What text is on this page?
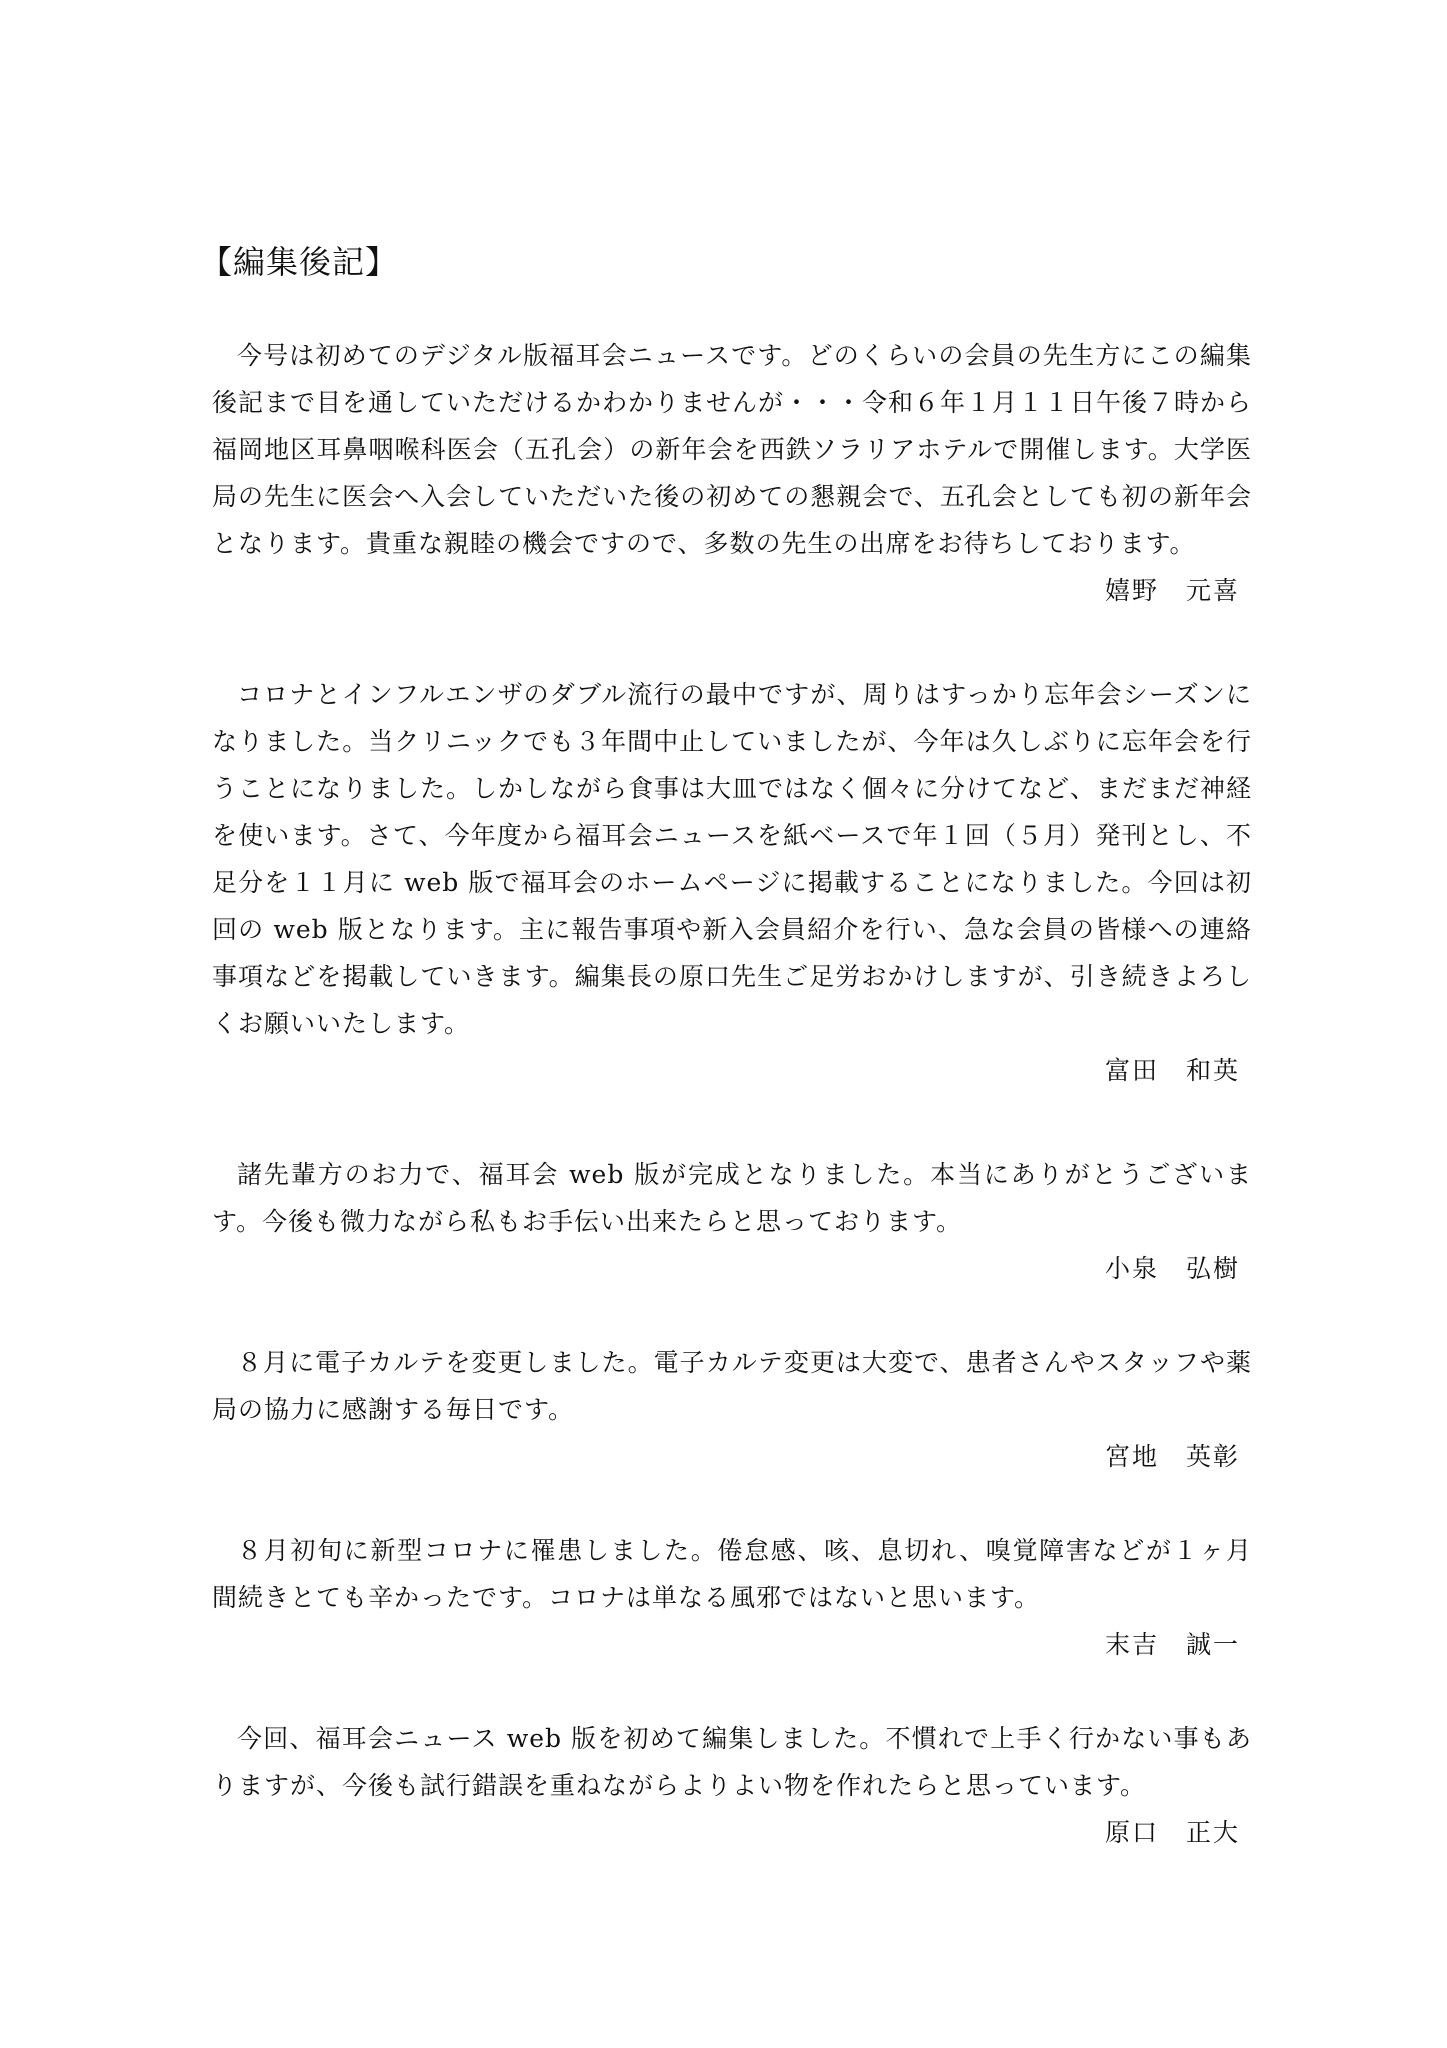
【編集後記】

今号は初めてのデジタル版福耳会ニュースです。どのくらいの会員の先生方にこの編集後記まで目を通していただけるかわかりませんが・・・令和６年１月１１日午後７時から福岡地区耳鼻咽喉科医会（五孔会）の新年会を西鉄ソラリアホテルで開催します。大学医局の先生に医会へ入会していただいた後の初めての懇親会で、五孔会としても初の新年会となります。貴重な親睦の機会ですので、多数の先生の出席をお待ちしております。

嬉野　元喜

コロナとインフルエンザのダブル流行の最中ですが、周りはすっかり忘年会シーズンになりました。当クリニックでも３年間中止していましたが、今年は久しぶりに忘年会を行うことになりました。しかしながら食事は大皿ではなく個々に分けてなど、まだまだ神経を使います。さて、今年度から福耳会ニュースを紙ベースで年１回（５月）発刊とし、不足分を１１月に web 版で福耳会のホームページに掲載することになりました。今回は初回の web 版となります。主に報告事項や新入会員紹介を行い、急な会員の皆様への連絡事項などを掲載していきます。編集長の原口先生ご足労おかけしますが、引き続きよろしくお願いいたします。

富田　和英

諸先輩方のお力で、福耳会 web 版が完成となりました。本当にありがとうございます。今後も微力ながら私もお手伝い出来たらと思っております。

小泉　弘樹

８月に電子カルテを変更しました。電子カルテ変更は大変で、患者さんやスタッフや薬局の協力に感謝する毎日です。

宮地　英彰

８月初旬に新型コロナに罹患しました。倦怠感、咳、息切れ、嗅覚障害などが１ヶ月間続きとても辛かったです。コロナは単なる風邪ではないと思います。

末吉　誠一

今回、福耳会ニュース web 版を初めて編集しました。不慣れで上手く行かない事もありますが、今後も試行錯誤を重ねながらよりよい物を作れたらと思っています。

原口　正大
